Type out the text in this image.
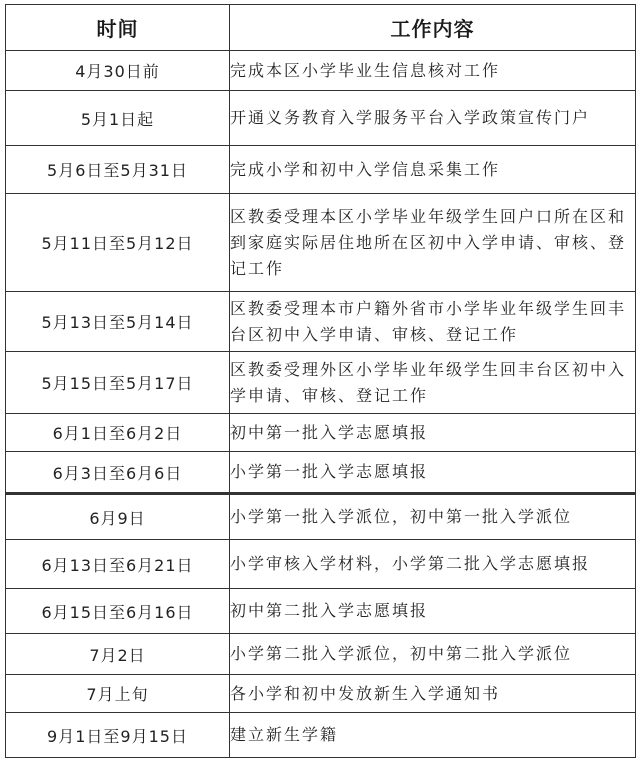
时间	工作内容
4月30日前	完成本区小学毕业生信息核对工作
5月1日起	开通义务教育入学服务平台入学政策宣传门户
5月6日至5月31日	完成小学和初中入学信息采集工作
5月11日至5月12日	区教委受理本区小学毕业年级学生回户口所在区和到家庭实际居住地所在区初中入学申请、审核、登记工作
5月13日至5月14日	区教委受理本市户籍外省市小学毕业年级学生回丰台区初中入学申请、审核、登记工作
5月15日至5月17日	区教委受理外区小学毕业年级学生回丰台区初中入学申请、审核、登记工作
6月1日至6月2日	初中第一批入学志愿填报
6月3日至6月6日	小学第一批入学志愿填报
6月9日	小学第一批入学派位，初中第一批入学派位
6月13日至6月21日	小学审核入学材料，小学第二批入学志愿填报
6月15日至6月16日	初中第二批入学志愿填报
7月2日	小学第二批入学派位，初中第二批入学派位
7月上旬	各小学和初中发放新生入学通知书
9月1日至9月15日	建立新生学籍
